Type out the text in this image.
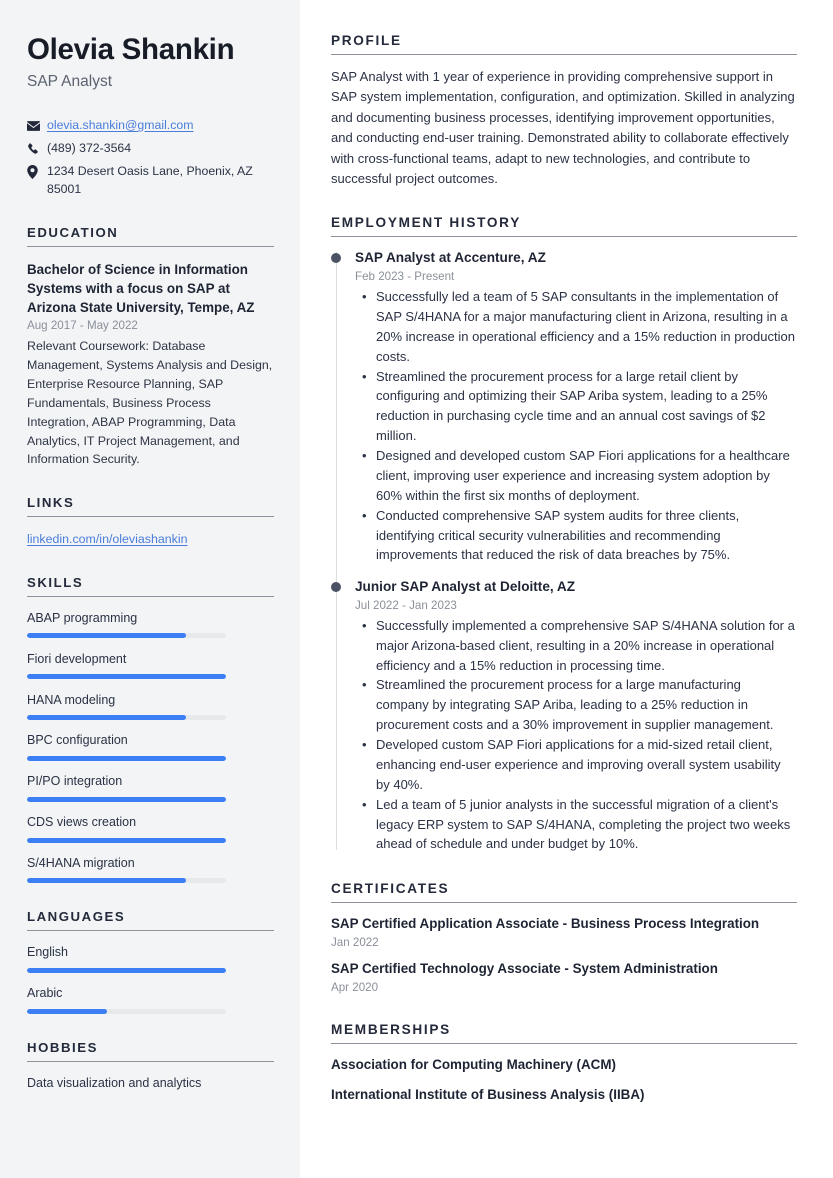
Olevia Shankin
SAP Analyst
olevia.shankin@gmail.com
(489) 372-3564
1234 Desert Oasis Lane, Phoenix, AZ 85001
EDUCATION
Bachelor of Science in Information Systems with a focus on SAP at Arizona State University, Tempe, AZ
Aug 2017 - May 2022
Relevant Coursework: Database Management, Systems Analysis and Design, Enterprise Resource Planning, SAP Fundamentals, Business Process Integration, ABAP Programming, Data Analytics, IT Project Management, and Information Security.
LINKS
linkedin.com/in/oleviashankin
SKILLS
ABAP programming
Fiori development
HANA modeling
BPC configuration
PI/PO integration
CDS views creation
S/4HANA migration
LANGUAGES
English
Arabic
HOBBIES
Data visualization and analytics
PROFILE

SAP Analyst with 1 year of experience in providing comprehensive support in SAP system implementation, configuration, and optimization. Skilled in analyzing and documenting business processes, identifying improvement opportunities, and conducting end-user training. Demonstrated ability to collaborate effectively with cross-functional teams, adapt to new technologies, and contribute to successful project outcomes.

EMPLOYMENT HISTORY
SAP Analyst at Accenture, AZ
Feb 2023 - Present
• Successfully led a team of 5 SAP consultants in the implementation of SAP S/4HANA for a major manufacturing client in Arizona, resulting in a 20% increase in operational efficiency and a 15% reduction in production costs.
• Streamlined the procurement process for a large retail client by configuring and optimizing their SAP Ariba system, leading to a 25% reduction in purchasing cycle time and an annual cost savings of $2 million.
• Designed and developed custom SAP Fiori applications for a healthcare client, improving user experience and increasing system adoption by 60% within the first six months of deployment.
• Conducted comprehensive SAP system audits for three clients, identifying critical security vulnerabilities and recommending improvements that reduced the risk of data breaches by 75%.
Junior SAP Analyst at Deloitte, AZ
Jul 2022 - Jan 2023
• Successfully implemented a comprehensive SAP S/4HANA solution for a major Arizona-based client, resulting in a 20% increase in operational efficiency and a 15% reduction in processing time.
• Streamlined the procurement process for a large manufacturing company by integrating SAP Ariba, leading to a 25% reduction in procurement costs and a 30% improvement in supplier management.
• Developed custom SAP Fiori applications for a mid-sized retail client, enhancing end-user experience and improving overall system usability by 40%.
• Led a team of 5 junior analysts in the successful migration of a client's legacy ERP system to SAP S/4HANA, completing the project two weeks ahead of schedule and under budget by 10%.
CERTIFICATES
SAP Certified Application Associate - Business Process Integration
Jan 2022
SAP Certified Technology Associate - System Administration
Apr 2020
MEMBERSHIPS
Association for Computing Machinery (ACM)
International Institute of Business Analysis (IIBA)
